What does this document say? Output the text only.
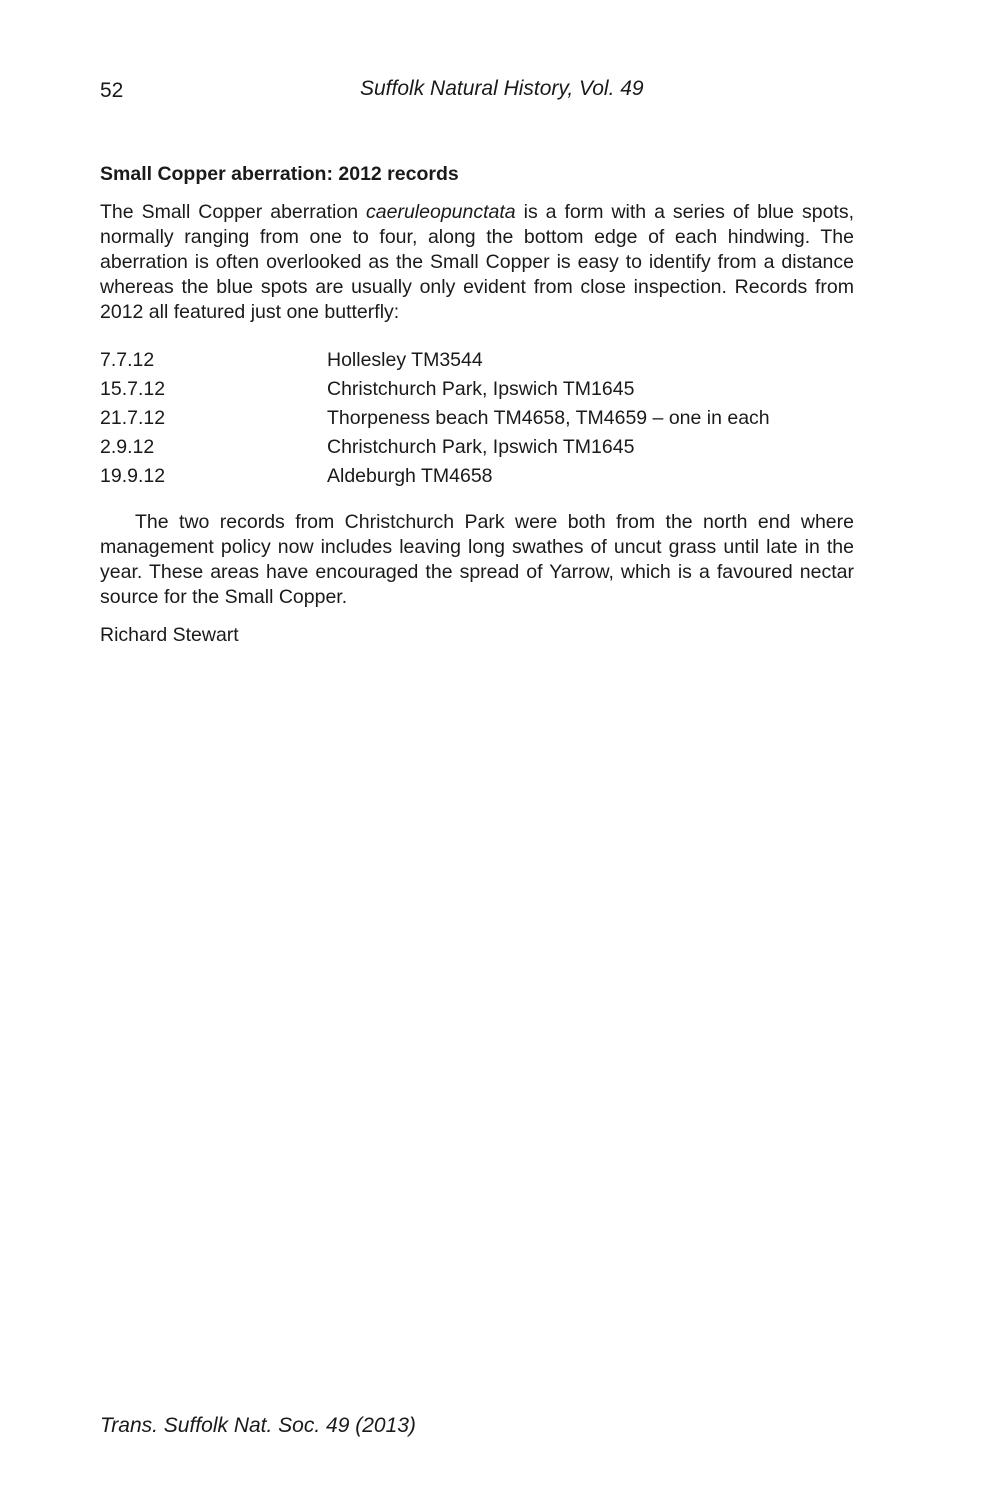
52	Suffolk Natural History, Vol. 49
Small Copper aberration: 2012 records

The Small Copper aberration caeruleopunctata is a form with a series of blue spots, normally ranging from one to four, along the bottom edge of each hindwing. The aberration is often overlooked as the Small Copper is easy to identify from a distance whereas the blue spots are usually only evident from close inspection. Records from 2012 all featured just one butterfly:

7.7.12	Hollesley TM3544
15.7.12	Christchurch Park, Ipswich TM1645
21.7.12	Thorpeness beach TM4658, TM4659 – one in each
2.9.12	Christchurch Park, Ipswich TM1645
19.9.12	Aldeburgh TM4658

The two records from Christchurch Park were both from the north end where management policy now includes leaving long swathes of uncut grass until late in the year. These areas have encouraged the spread of Yarrow, which is a favoured nectar source for the Small Copper.

Richard Stewart
Trans. Suffolk Nat. Soc. 49 (2013)
